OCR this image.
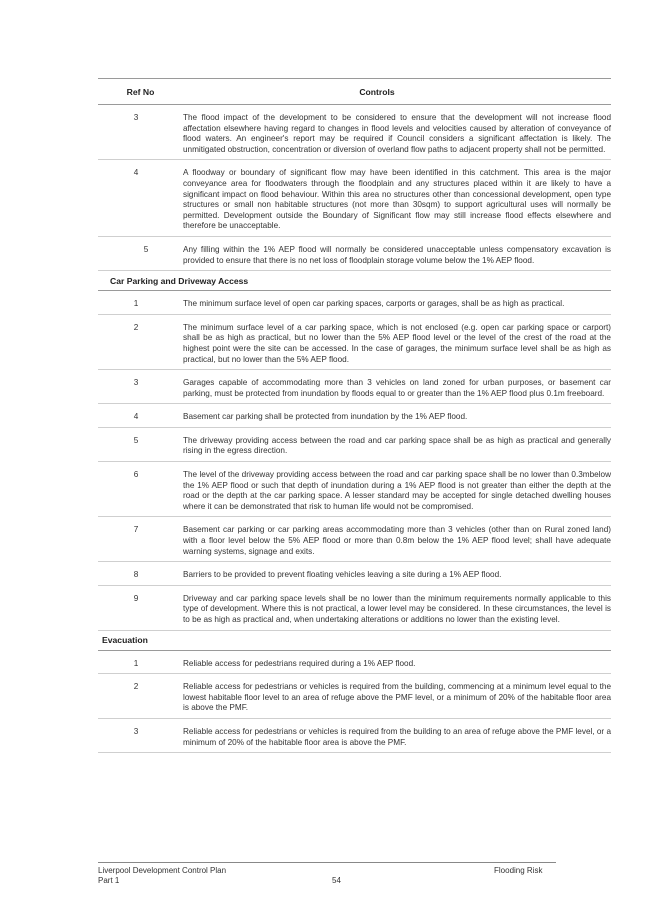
Ref No	Controls
3	The flood impact of the development to be considered to ensure that the development will not increase flood affectation elsewhere having regard to changes in flood levels and velocities caused by alteration of conveyance of flood waters. An engineer's report may be required if Council considers a significant affectation is likely. The unmitigated obstruction, concentration or diversion of overland flow paths to adjacent property shall not be permitted.
4	A floodway or boundary of significant flow may have been identified in this catchment. This area is the major conveyance area for floodwaters through the floodplain and any structures placed within it are likely to have a significant impact on flood behaviour. Within this area no structures other than concessional development, open type structures or small non habitable structures (not more than 30sqm) to support agricultural uses will normally be permitted. Development outside the Boundary of Significant flow may still increase flood effects elsewhere and therefore be unacceptable.
5	Any filling within the 1% AEP flood will normally be considered unacceptable unless compensatory excavation is provided to ensure that there is no net loss of floodplain storage volume below the 1% AEP flood.
Car Parking and Driveway Access
1	The minimum surface level of open car parking spaces, carports or garages, shall be as high as practical.
2	The minimum surface level of a car parking space, which is not enclosed (e.g. open car parking space or carport) shall be as high as practical, but no lower than the 5% AEP flood level or the level of the crest of the road at the highest point were the site can be accessed. In the case of garages, the minimum surface level shall be as high as practical, but no lower than the 5% AEP flood.
3	Garages capable of accommodating more than 3 vehicles on land zoned for urban purposes, or basement car parking, must be protected from inundation by floods equal to or greater than the 1% AEP flood plus 0.1m freeboard.
4	Basement car parking shall be protected from inundation by the 1% AEP flood.
5	The driveway providing access between the road and car parking space shall be as high as practical and generally rising in the egress direction.
6	The level of the driveway providing access between the road and car parking space shall be no lower than 0.3mbelow the 1% AEP flood or such that depth of inundation during a 1% AEP flood is not greater than either the depth at the road or the depth at the car parking space. A lesser standard may be accepted for single detached dwelling houses where it can be demonstrated that risk to human life would not be compromised.
7	Basement car parking or car parking areas accommodating more than 3 vehicles (other than on Rural zoned land) with a floor level below the 5% AEP flood or more than 0.8m below the 1% AEP flood level; shall have adequate warning systems, signage and exits.
8	Barriers to be provided to prevent floating vehicles leaving a site during a 1% AEP flood.
9	Driveway and car parking space levels shall be no lower than the minimum requirements normally applicable to this type of development. Where this is not practical, a lower level may be considered. In these circumstances, the level is to be as high as practical and, when undertaking alterations or additions no lower than the existing level.
Evacuation
1	Reliable access for pedestrians required during a 1% AEP flood.
2	Reliable access for pedestrians or vehicles is required from the building, commencing at a minimum level equal to the lowest habitable floor level to an area of refuge above the PMF level, or a minimum of 20% of the habitable floor area is above the PMF.
3	Reliable access for pedestrians or vehicles is required from the building to an area of refuge above the PMF level, or a minimum of 20% of the habitable floor area is above the PMF.
Liverpool Development Control Plan
Part 1	54
Flooding Risk
